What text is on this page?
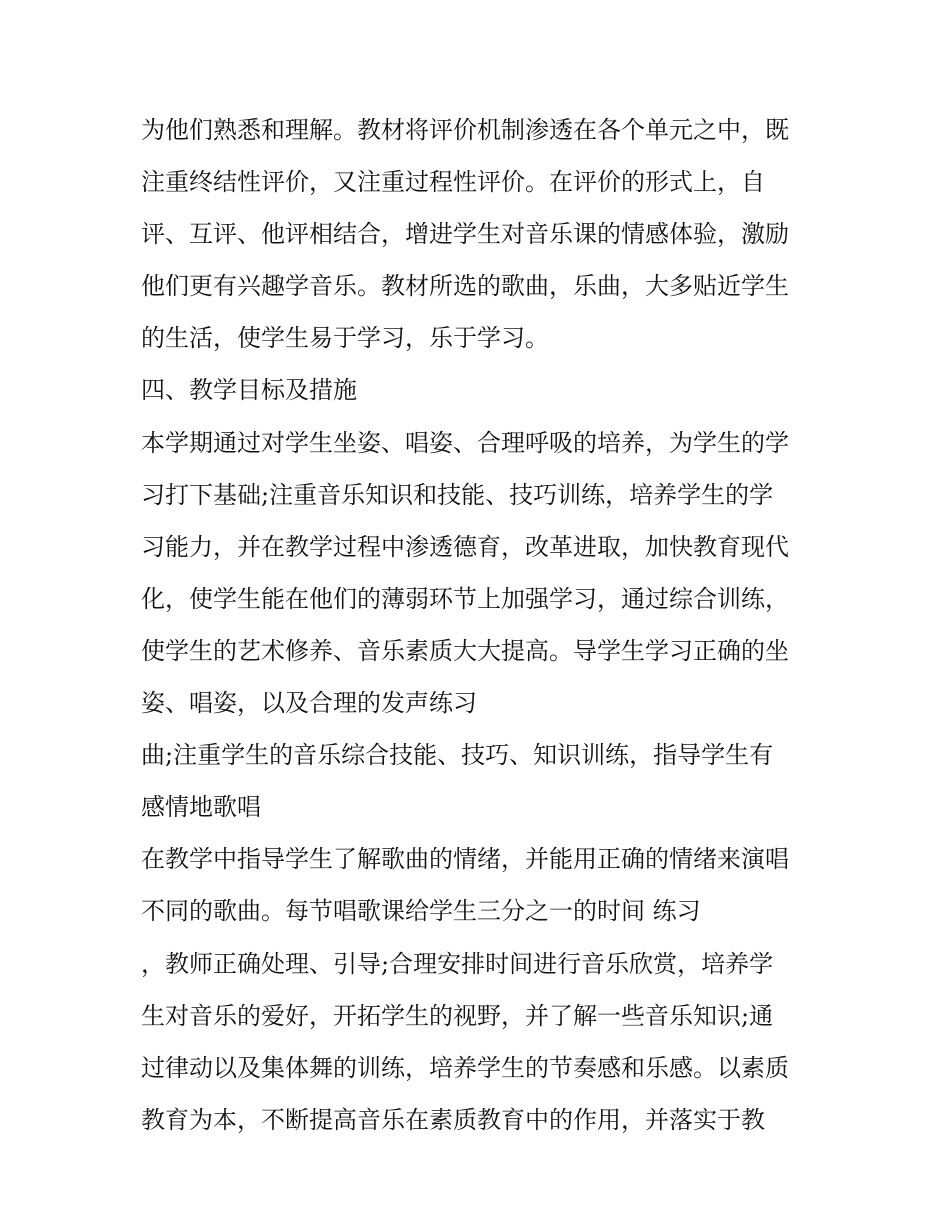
为他们熟悉和理解。教材将评价机制渗透在各个单元之中，既
注重终结性评价，又注重过程性评价。在评价的形式上，自
评、互评、他评相结合，增进学生对音乐课的情感体验，激励
他们更有兴趣学音乐。教材所选的歌曲，乐曲，大多贴近学生
的生活，使学生易于学习，乐于学习。
四、教学目标及措施
本学期通过对学生坐姿、唱姿、合理呼吸的培养，为学生的学
习打下基础;注重音乐知识和技能、技巧训练，培养学生的学
习能力，并在教学过程中渗透德育，改革进取，加快教育现代
化，使学生能在他们的薄弱环节上加强学习，通过综合训练，
使学生的艺术修养、音乐素质大大提高。导学生学习正确的坐
姿、唱姿，以及合理的发声练习
曲;注重学生的音乐综合技能、技巧、知识训练，指导学生有
感情地歌唱
在教学中指导学生了解歌曲的情绪，并能用正确的情绪来演唱
不同的歌曲。每节唱歌课给学生三分之一的时间 练习
，教师正确处理、引导;合理安排时间进行音乐欣赏，培养学
生对音乐的爱好，开拓学生的视野，并了解一些音乐知识;通
过律动以及集体舞的训练，培养学生的节奏感和乐感。以素质
教育为本，不断提高音乐在素质教育中的作用，并落实于教
